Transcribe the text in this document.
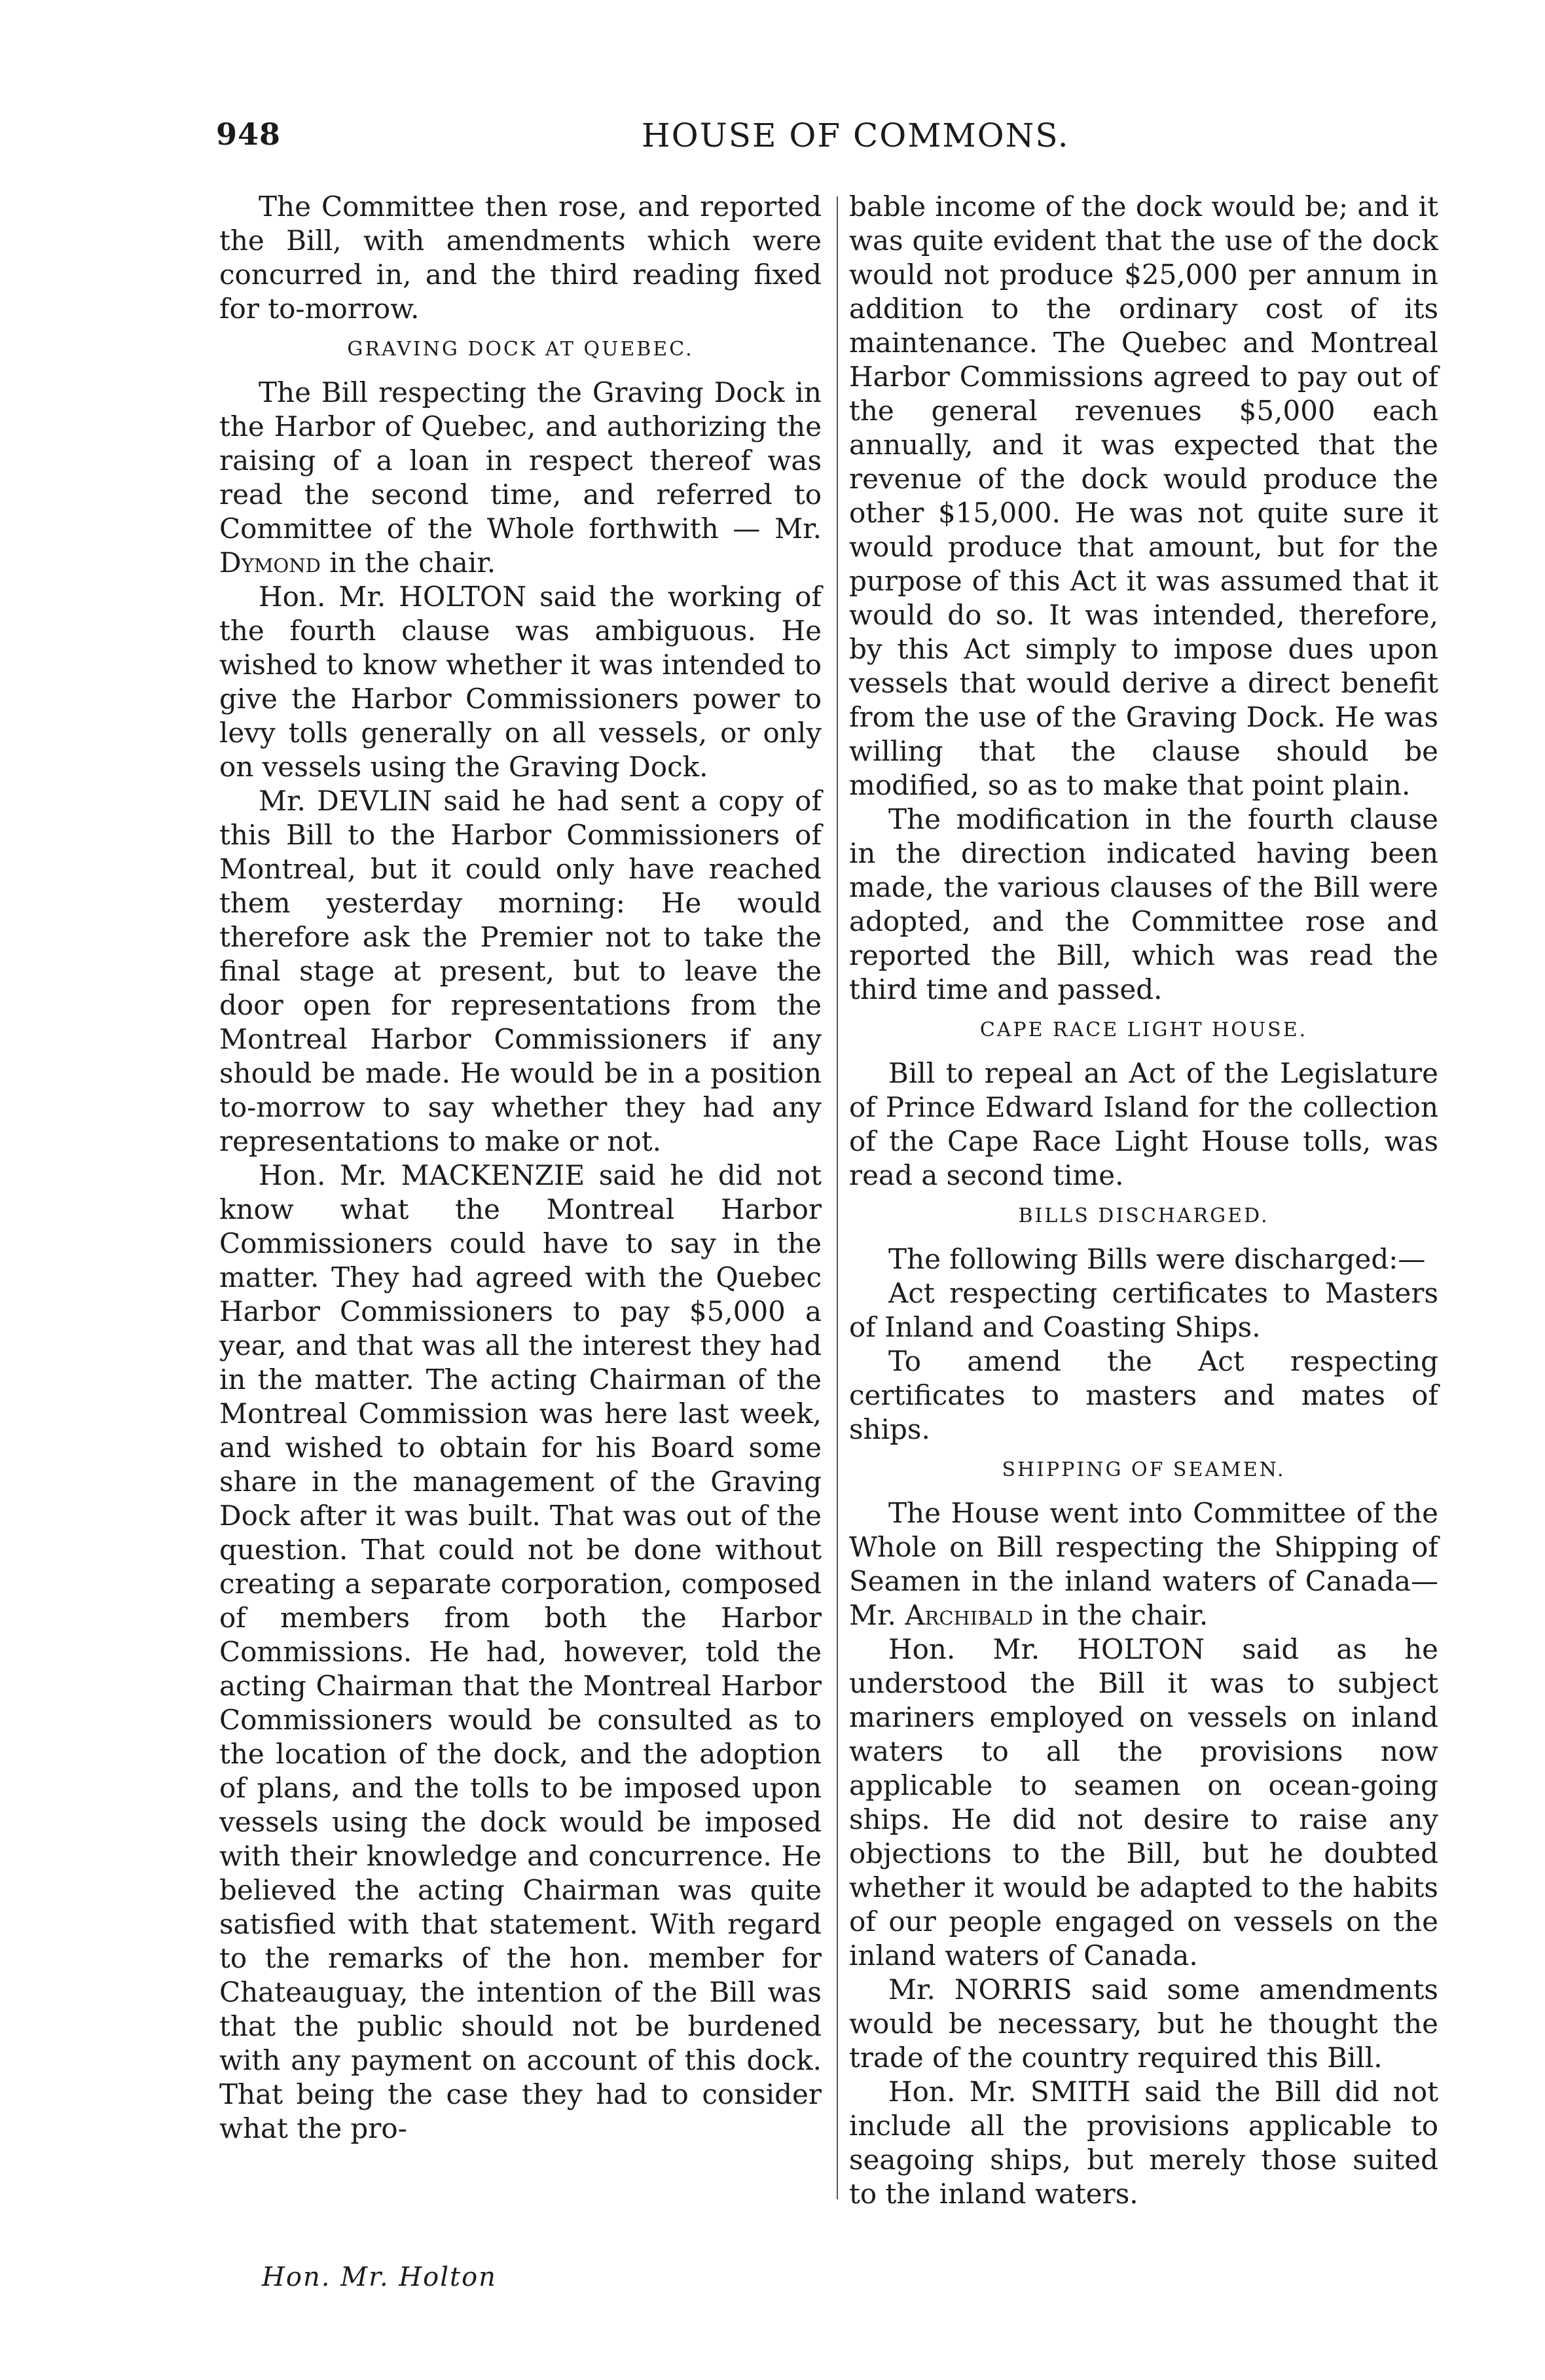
948	HOUSE OF COMMONS.

The Committee then rose, and reported the Bill, with amendments which were concurred in, and the third reading fixed for to-morrow.

GRAVING DOCK AT QUEBEC.

The Bill respecting the Graving Dock in the Harbor of Quebec, and authorizing the raising of a loan in respect thereof was read the second time, and referred to Committee of the Whole forthwith — Mr. Dymond in the chair.

Hon. Mr. HOLTON said the working of the fourth clause was ambiguous. He wished to know whether it was intended to give the Harbor Commissioners power to levy tolls generally on all vessels, or only on vessels using the Graving Dock.

Mr. DEVLIN said he had sent a copy of this Bill to the Harbor Commissioners of Montreal, but it could only have reached them yesterday morning: He would therefore ask the Premier not to take the final stage at present, but to leave the door open for representations from the Montreal Harbor Commissioners if any should be made. He would be in a position to-morrow to say whether they had any representations to make or not.

Hon. Mr. MACKENZIE said he did not know what the Montreal Harbor Commissioners could have to say in the matter. They had agreed with the Quebec Harbor Commissioners to pay $5,000 a year, and that was all the interest they had in the matter. The acting Chairman of the Montreal Commission was here last week, and wished to obtain for his Board some share in the management of the Graving Dock after it was built. That was out of the question. That could not be done without creating a separate corporation, composed of members from both the Harbor Commissions. He had, however, told the acting Chairman that the Montreal Harbor Commissioners would be consulted as to the location of the dock, and the adoption of plans, and the tolls to be imposed upon vessels using the dock would be imposed with their knowledge and concurrence. He believed the acting Chairman was quite satisfied with that statement. With regard to the remarks of the hon. member for Chateauguay, the intention of the Bill was that the public should not be burdened with any payment on account of this dock. That being the case they had to consider what the pro-

bable income of the dock would be; and it was quite evident that the use of the dock would not produce $25,000 per annum in addition to the ordinary cost of its maintenance. The Quebec and Montreal Harbor Commissions agreed to pay out of the general revenues $5,000 each annually, and it was expected that the revenue of the dock would produce the other $15,000. He was not quite sure it would produce that amount, but for the purpose of this Act it was assumed that it would do so. It was intended, therefore, by this Act simply to impose dues upon vessels that would derive a direct benefit from the use of the Graving Dock. He was willing that the clause should be modified, so as to make that point plain.

The modification in the fourth clause in the direction indicated having been made, the various clauses of the Bill were adopted, and the Committee rose and reported the Bill, which was read the third time and passed.

CAPE RACE LIGHT HOUSE.

Bill to repeal an Act of the Legislature of Prince Edward Island for the collection of the Cape Race Light House tolls, was read a second time.

BILLS DISCHARGED.

The following Bills were discharged:—

Act respecting certificates to Masters of Inland and Coasting Ships.

To amend the Act respecting certificates to masters and mates of ships.

SHIPPING OF SEAMEN.

The House went into Committee of the Whole on Bill respecting the Shipping of Seamen in the inland waters of Canada—Mr. Archibald in the chair.

Hon. Mr. HOLTON said as he understood the Bill it was to subject mariners employed on vessels on inland waters to all the provisions now applicable to seamen on ocean-going ships. He did not desire to raise any objections to the Bill, but he doubted whether it would be adapted to the habits of our people engaged on vessels on the inland waters of Canada.

Mr. NORRIS said some amendments would be necessary, but he thought the trade of the country required this Bill.

Hon. Mr. SMITH said the Bill did not include all the provisions applicable to seagoing ships, but merely those suited to the inland waters.

Hon. Mr. Holton
